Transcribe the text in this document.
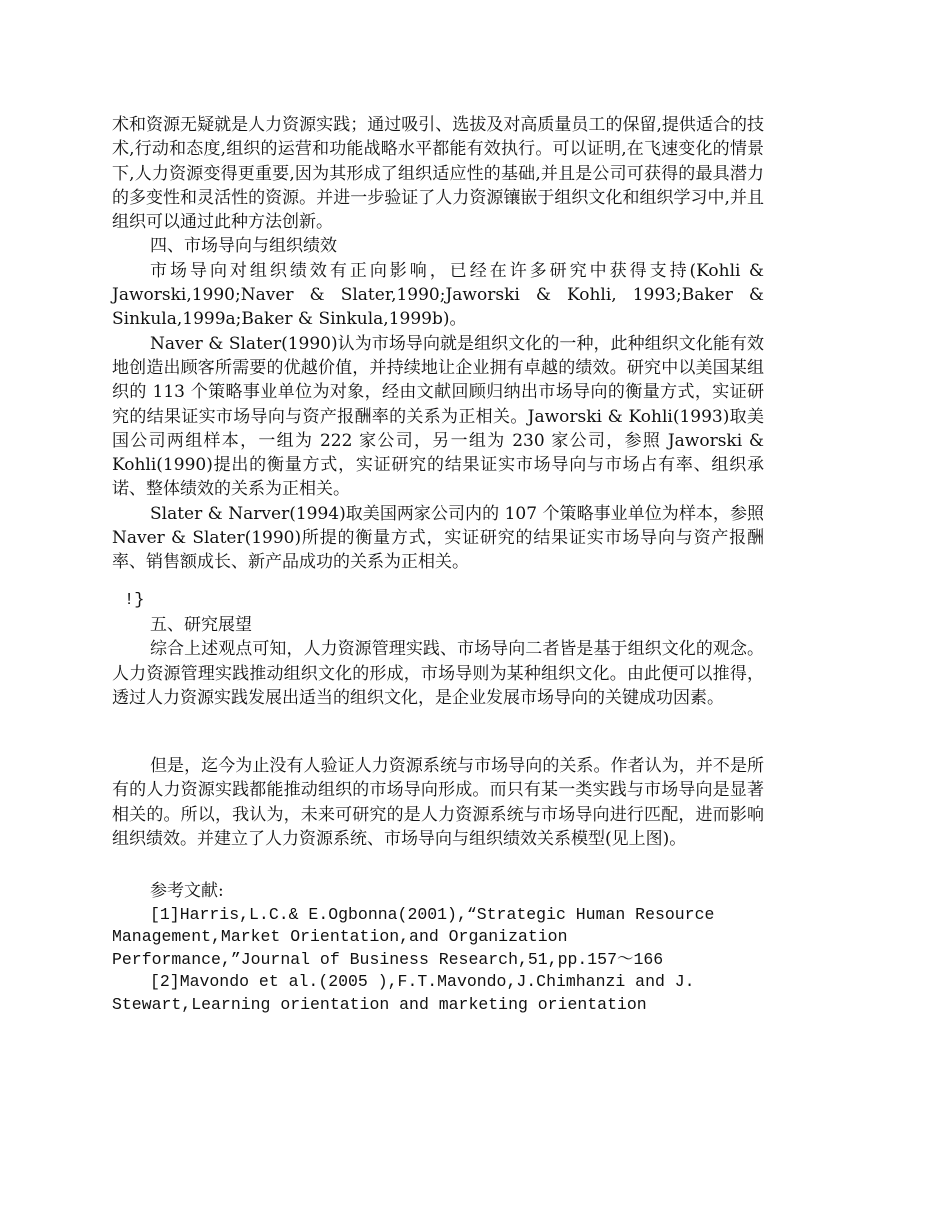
术和资源无疑就是人力资源实践；通过吸引、选拔及对高质量员工的保留,提供适合的技术,行动和态度,组织的运营和功能战略水平都能有效执行。可以证明,在飞速变化的情景下,人力资源变得更重要,因为其形成了组织适应性的基础,并且是公司可获得的最具潜力的多变性和灵活性的资源。并进一步验证了人力资源镶嵌于组织文化和组织学习中,并且组织可以通过此种方法创新。

四、市场导向与组织绩效

市场导向对组织绩效有正向影响，已经在许多研究中获得支持(Kohli & Jaworski,1990;Naver & Slater,1990;Jaworski & Kohli, 1993;Baker & Sinkula,1999a;Baker & Sinkula,1999b)。

Naver & Slater(1990)认为市场导向就是组织文化的一种，此种组织文化能有效地创造出顾客所需要的优越价值，并持续地让企业拥有卓越的绩效。研究中以美国某组织的 113 个策略事业单位为对象，经由文献回顾归纳出市场导向的衡量方式，实证研究的结果证实市场导向与资产报酬率的关系为正相关。Jaworski & Kohli(1993)取美国公司两组样本，一组为 222 家公司，另一组为 230 家公司，参照 Jaworski & Kohli(1990)提出的衡量方式，实证研究的结果证实市场导向与市场占有率、组织承诺、整体绩效的关系为正相关。

Slater & Narver(1994)取美国两家公司内的 107 个策略事业单位为样本，参照 Naver & Slater(1990)所提的衡量方式，实证研究的结果证实市场导向与资产报酬率、销售额成长、新产品成功的关系为正相关。

!}

五、研究展望

综合上述观点可知，人力资源管理实践、市场导向二者皆是基于组织文化的观念。人力资源管理实践推动组织文化的形成，市场导则为某种组织文化。由此便可以推得，透过人力资源实践发展出适当的组织文化，是企业发展市场导向的关键成功因素。

但是，迄今为止没有人验证人力资源系统与市场导向的关系。作者认为，并不是所有的人力资源实践都能推动组织的市场导向形成。而只有某一类实践与市场导向是显著相关的。所以，我认为，未来可研究的是人力资源系统与市场导向进行匹配，进而影响组织绩效。并建立了人力资源系统、市场导向与组织绩效关系模型(见上图)。

参考文献:

[1]Harris,L.C.& E.Ogbonna(2001),“Strategic Human Resource Management,Market Orientation,and Organization Performance,”Journal of Business Research,51,pp.157～166

[2]Mavondo et al.(2005 ),F.T.Mavondo,J.Chimhanzi and J. Stewart,Learning orientation and marketing orientation
